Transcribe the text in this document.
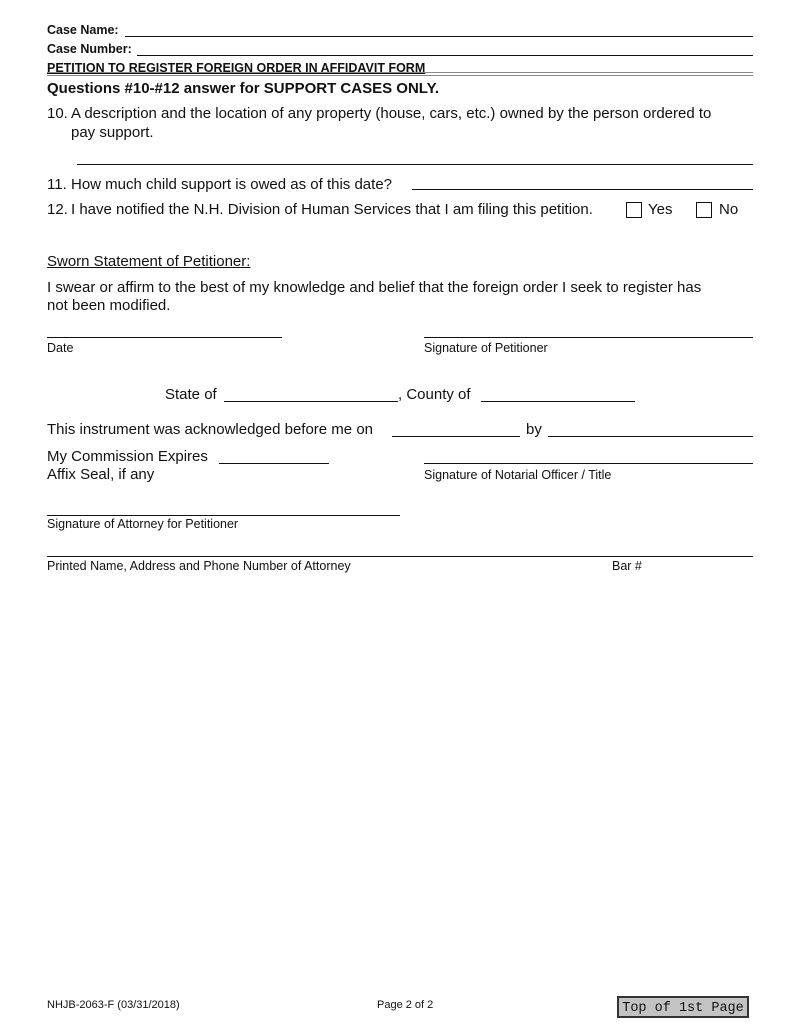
Case Name:
Case Number:
PETITION TO REGISTER FOREIGN ORDER IN AFFIDAVIT FORM
Questions #10-#12 answer for SUPPORT CASES ONLY.
10. A description and the location of any property (house, cars, etc.) owned by the person ordered to
pay support.
11. How much child support is owed as of this date?
12. I have notified the N.H. Division of Human Services that I am filing this petition.	Yes	No
Sworn Statement of Petitioner:
I swear or affirm to the best of my knowledge and belief that the foreign order I seek to register has
not been modified.
Date	Signature of Petitioner
State of	, County of
This instrument was acknowledged before me on	by
My Commission Expires
Affix Seal, if any	Signature of Notarial Officer / Title
Signature of Attorney for Petitioner
Printed Name, Address and Phone Number of Attorney	Bar #
NHJB-2063-F (03/31/2018)	Page 2 of 2	Top of 1st Page
